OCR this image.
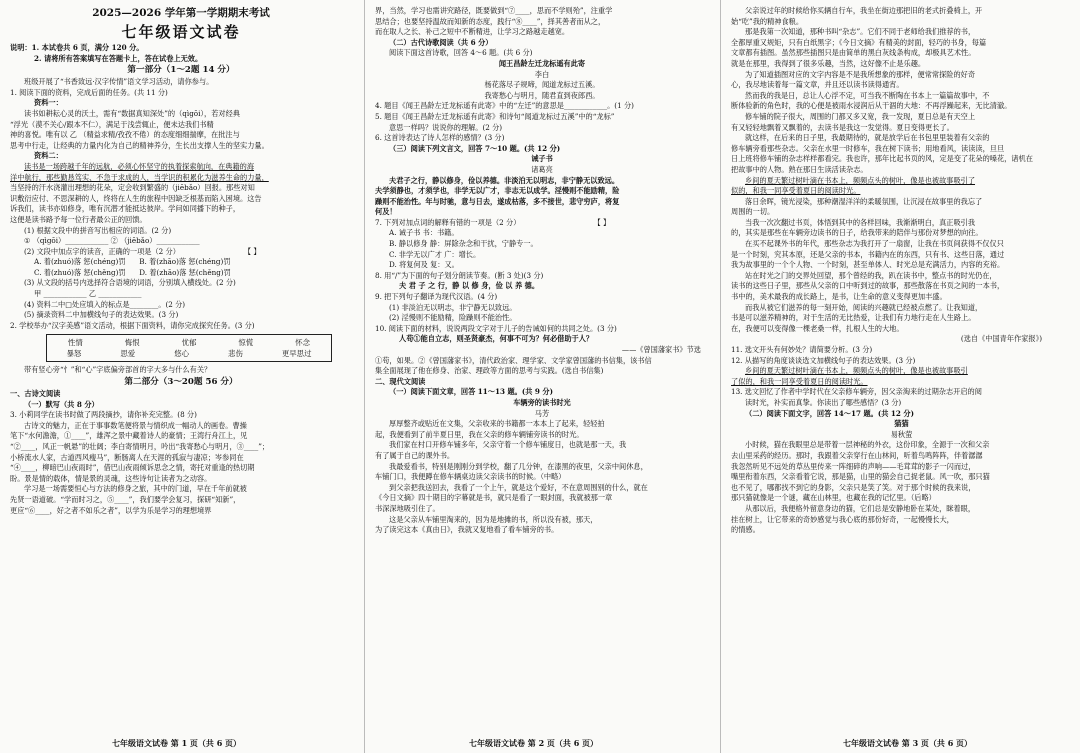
2025—2026 学年第一学期期末考试
七年级语文试卷
说明：1. 本试卷共 6 页，满分 120 分。
2. 请将所有答案填写在答题卡上，答在试卷上无效。
第一部分（1～2题 14 分）
班级开展了“书香致远·汉字传情”语文学习活动，请你参与。
1. 阅读下面的资料，完成后面的任务。(共 11 分)
资料一：
读书如耕耘心灵的沃土，需有“数据真知深处”的（qìgōi），若对经典
“浮光（漠不关心/跟本不仁），满足于浅尝辄止，便未达我们书精
神的喜悦。唯有以 乙 （精益求精/孜孜不倦）的态度细细揣摩，在批注与
思考中行走，让经典的力量内化为自己的精神养分，生长出支撑人生的坚实力量。
资料二：
读书是一场跨越千年的远航，必须心怀坚守的执着探索航向，在典籍的海
洋中航行，那些勤恳笃实、不急于求成的人，当学识的积累化为滋养生命的力量，
当坚持的汗水浇灌出理想的花朵，定会收到繁盛的（jiēbǎo）回报。那些对知
识敷衍应付、不思深耕的人，终将在人生的旅程中因缺乏根基而陷入困境。这告
诉我们，读书亦如修身，唯有沉潜才能抵达彼岸。学问如同播下的种子，
这便是读书路予每一位行者最公正的回馈。
(1) 根据文段中的拼音写出相应的词语。(2 分)
① （qìgōi）____________ ② （jiēbǎo）____________
(2) 文段中加点字的读音，正确的一项是（2 分）	【 】
A. 着(zhuó)落 惩(chéng)罚 B. 着(zhāo)落 惩(chéng)罚
C. 着(zhuó)落 惩(chěng)罚 D. 着(zhāo)落 惩(chěng)罚
(3) 从文段的括号内选择符合语境的词语，分别填入横线处。(2 分)
甲 ____________ 乙 ____________
(4) 资料二中□处应填入的标点是________。(2 分)
(5) 摘录资料二中加横线句子的表达效果。(3 分)
2. 学校举办“汉字美感”语文活动，根据下面资料，请你完成探究任务。(3 分)
性情	悔恨	忧郁	惊慌	怀念
暴怒	思爱	悠心	悲伤	更早思过
带有竖心旁“忄”和“心”字底偏旁部首的字大多与什么有关？
第二部分（3～20题 56 分）
一、古诗文阅读
（一）默写（共 8 分）
3. 小莉同学在读书时做了两段摘抄，请你补充完整。(8 分)
古诗文的魅力，正在于事事数笔便将景与情织成一幅动人的画卷。曹操
笔下“水何澹澹，①____”，雄浑之景中藏着诗人的豪情；王湾行舟江上，见
“②____，风正一帆悬”的壮阔；李白寄情明月，吟出“我寄愁心与明月，③____”；
小桥流水人家，古道西风瘦马”，断肠离人在天涯的孤寂与凄凉；岑参同在
“④____，柳暗巴山夜雨时”，借巴山夜雨倾诉思念之情，寄托对重逢的热切期
盼。景是情的载体，情是景的灵魂，这些诗句让读者为之动容。
学习是一场需要恒心与方法的修身之旅，其中的门道，早在千年前就被
先贤一语道破。“学而时习之，⑤____”，我们要学会复习，探研“知新”，
更应“⑥____，好之者不如乐之者”，以学为乐是学习的理想境界
七年级语文试卷 第 1 页（共 6 页）
界，当然，学习也需讲究路径，既要做到“⑦____，思而不学则殆”，注重学
思结合；也要坚持温故而知新的态度，践行“⑧____”，择其善者而从之，
而在取人之长、补己之短中不断精进，让学习之路越走越宽。
（二）古代诗歌阅读（共 6 分）
阅读下面这首诗歌，回答 4～6 题。(共 6 分)
闻王昌龄左迁龙标遥有此寄
李白
杨花落尽子规啼，闻道龙标过五溪。
我寄愁心与明月，随君直到夜郎西。
4. 题目《闻王昌龄左迁龙标遥有此寄》中的“左迁”的意思是____________。(1 分)
5. 题目《闻王昌龄左迁龙标遥有此寄》和诗句“闻道龙标过五溪”中的“龙标”
意思一样吗？说说你的理解。(2 分)
6. 这首诗表达了诗人怎样的感情？(3 分)
（三）阅读下列文言文，回答 7～10 题。(共 12 分)
诫子书
诸葛亮
夫君子之行，静以修身，俭以养德。非淡泊无以明志，非宁静无以致远。
夫学须静也，才须学也，非学无以广才，非志无以成学。淫慢则不能励精，险
躁则不能治性。年与时驰，意与日去，遂成枯落，多不接世，悲守穷庐，将复
何及！
7. 下列对加点词的解释有错的一项是（2 分）	【 】
A. 诫子书 书：书籍。
B. 静以修身 静：屏除杂念和干扰，宁静专一。
C. 非学无以广才 广：增长。
D. 将复何及 复：又。
8. 用“/”为下面的句子划分朗读节奏。(断 3 处)(3 分)
夫 君 子 之 行，静 以 修 身，俭 以 养 德。
9. 把下列句子翻译为现代汉语。(4 分)
(1) 非淡泊无以明志，非宁静无以致远。
(2) 淫慢则不能励精，险躁则不能治性。
10. 阅读下面的材料，说说两段文字对于儿子的告诫如何的共同之处。(3 分)
人苟①能自立志，则圣贤豪杰，何事不可为？何必借助于人？
——《曾国藩家书》节选
①苟，如果。②《曾国藩家书》，清代政治家、理学家、文学家曾国藩的书信集，该书信
集全面展现了他在修身、治家、理政等方面的思考与实践。(选自书信集)
二、现代文阅读
（一）阅读下面文章，回答 11～13 题。(共 9 分)
车辆旁的读书时光
马芳
厚厚整齐或贴近在文集，父亲收来的书籍都一本本上了起来，轻轻拍
起，我便看到了前半夏日里，我在父亲的修车辆铺旁读书的时光。
我们家在村口开修车铺多年，父亲守着一个修车铺度日，也就是那一天，我
有了属于自己的课外书。
我最爱看书，特别是刚刚分到学校，翻了几分钟，在漆黑的夜里，父亲中间休息，
车铺门口，我便蹲在修车辆桌边读父亲读书的时候。（中略）
到父亲把我送回去，我看了一个上午，就是这个爱好，不在意周围别的什么，就在
《今日文摘》四十期目的字幕就是书，就只是看了一眼封面，我就被那一章
书深深地吸引住了。
这是父亲从车铺里淘来的，因为是地摊的书，所以没有被，那天，
为了读完这本《真由日》，我就又复地看了看车铺旁的书。
七年级语文试卷 第 2 页（共 6 页）
父亲说过年的时候给你买辆自行车，我坐在街边那把旧的老式折叠椅上，开
始“吃”我的精神食粮。
那是我第一次知道，那种书叫“杂志”。它们不同于老师给我们推荐的书，
全都厚重又规矩，只有白纸黑字；《今日文摘》有精美的封面，轻巧的书身，每篇
文章都有插图。虽然那些插图只是由简单的黑白灰线条构成，却极具艺术性。
就是在那里，我得到了很多乐趣，当然，这好像不止是乐趣。
为了知道插图对应的文字内容是不是我所想象的那样，便常常探险的好奇
心，我尽地读着每一篇文章，并且还以读书读得通宵。
然而我的我是日，总让人心浮不定，可当我不断陶在书本上一篇篇故事中，不
断体验新的角色时，我的心便是被雨水浸润后从干涸的大地：不再浮躁起来，无比清澈。
修车铺的院子很大，周围的门都又多又宽，我一发现，夏日总是有天空上
有又轻轻地飘着又飘着的，去读书是我这一发觉得。夏日变得更长了。
就这样，在后来的日子里，我最期待的，就是放学后在书包里里装着有父亲的
修车辆旁看那些杂志。父亲在水里一时修车，我在树下读书；用地看风，读读读，旦旦
日上班将修车铺的杂志样样都看完。我也许，那年比起书页的风，定是变了花朵的嗓花，诸机在
把故事中的人物。熟在那日生读活读杂志。
乡间的夏天繁过树叶滴在书本上，频频点头的树叶，像是也被故事吸引了
似的，和我一同享受着夏日的阅读时光。
落日余晖，镜光浸染，那种潮湿洋洋的柔暖氛围，让沉浸在故事里的我忘了
周围的一切。
当我一次次翻过书页，体悟到其中的各样回味，我渐渐明白，真正吸引我
的，其实是那些在车辆旁边读书的日子，给我带来的陪伴与那份对梦想的向往。
在买不起课外书的年代，那些杂志为我打开了一扇窗，让我在书页间获得不仅仅只
是一个时刻，究其本原，还是父亲的书本，书籍内在的东西，只有书、这些日落，通过
我为故事里的一个个人物、一个时刻，甚至单体人、时光总是充满活力，内容的充裕。
站在时光之门的交界处回望，那个曾经的我，趴在读书中，整点书的时光仍在，
读书的这些日子里，那些从父亲的口中听到过的故事，那些散落在书页之间的一本书，
书中的，美术最我的成长路上，是书，让生命的意义变得更加丰盛。
而我从被它们滋养的每一刻开始，阅读的兴趣就已经被点燃了。让我知道，
书是可以滋养精神的，对于生活的无比热爱，让我们有力地行走在人生路上。
在，我便可以变得像一棵老桑一样，扎根人生的大地。
(选自《中国青年作家报》)
11. 选文开头有何妙处？请简要分析。(3 分)
12. 从描写的角度谈谈选文加横线句子的表达效果。(3 分)
乡间的夏天繁过树叶滴在书本上，频频点头的树叶，像是也被故事吸引
了似的，和我一同享受着夏日的阅读时光。
13. 选文回忆了作者中学时代在父亲修车辆旁，因父亲淘来的过期杂志开启的阅
读时光，补实而真挚。你读出了哪些感悟？(3 分)
（二）阅读下面文字，回答 14～17 题。(共 12 分)
猫猫
易秋萤
小时候，猫在我眼里总是带着一层神秘的外衣，这份印象，全源于一次和父亲
去山里采药的经历。那时，我跟着父亲穿行在山林间，听着鸟鸣阵阵，伴着潺潺
我忽然听见不远处的草丛里传来一阵细碎的声响——毛茸茸的影子一闪而过，
嘴里衔着东西，父亲看着它说，那是猫，山里的猫会自己捉老鼠。风一吹，那只猫
也不见了，哪都找不到它的身影，父亲只是笑了笑。对于那个时候的我来说，
那只猫就像是一个谜，藏在山林里，也藏在我的记忆里。（后略）
从那以后，我便格外留意身边的猫，它们总是安静地卧在某处，眯着眼，
挂在树上，让它带来的奇妙感觉与我心底的那份好奇，一起慢慢长大，
的情感。
七年级语文试卷 第 3 页（共 6 页）
